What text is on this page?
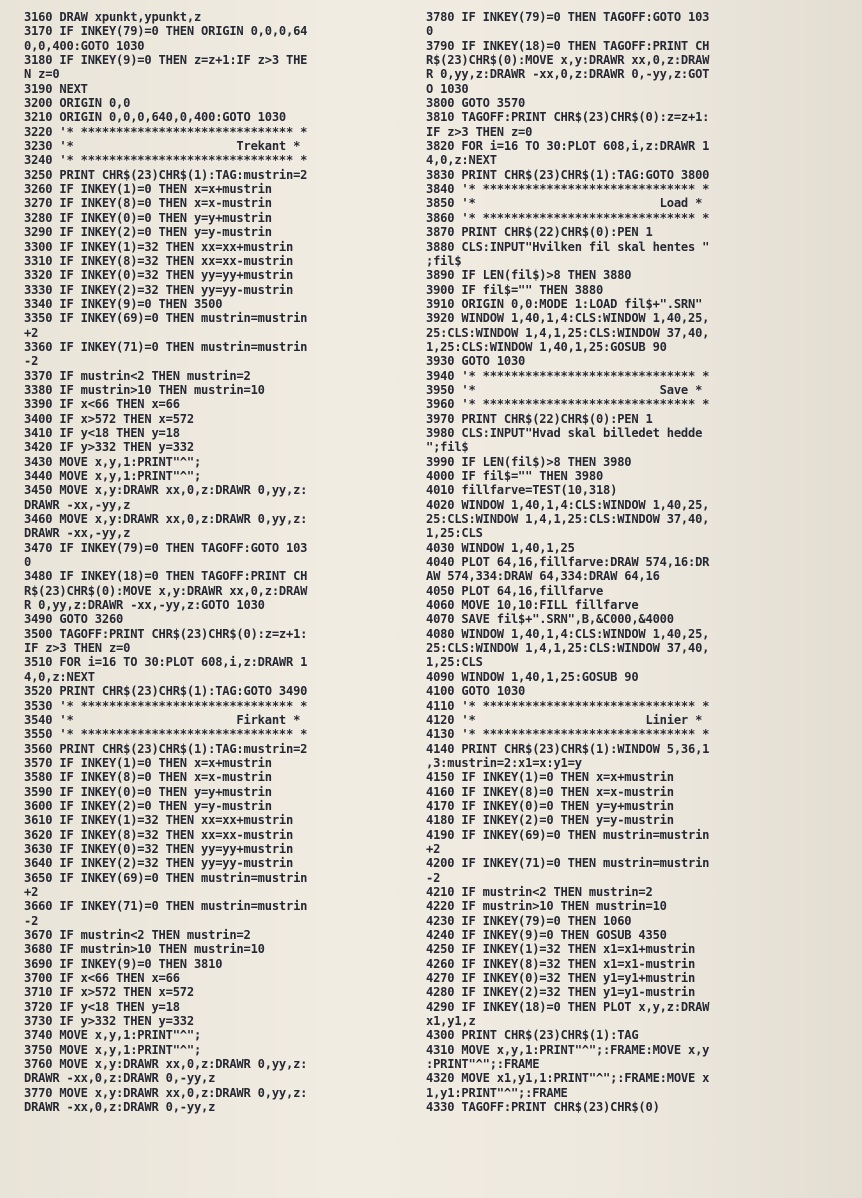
3160 DRAW xpunkt,ypunkt,z
3170 IF INKEY(79)=0 THEN ORIGIN 0,0,0,64
0,0,400:GOTO 1030
3180 IF INKEY(9)=0 THEN z=z+1:IF z>3 THE
N z=0
3190 NEXT
3200 ORIGIN 0,0
3210 ORIGIN 0,0,0,640,0,400:GOTO 1030
3220 '* ****************************** *
3230 '*                       Trekant *
3240 '* ****************************** *
3250 PRINT CHR$(23)CHR$(1):TAG:mustrin=2
3260 IF INKEY(1)=0 THEN x=x+mustrin
3270 IF INKEY(8)=0 THEN x=x-mustrin
3280 IF INKEY(0)=0 THEN y=y+mustrin
3290 IF INKEY(2)=0 THEN y=y-mustrin
3300 IF INKEY(1)=32 THEN xx=xx+mustrin
3310 IF INKEY(8)=32 THEN xx=xx-mustrin
3320 IF INKEY(0)=32 THEN yy=yy+mustrin
3330 IF INKEY(2)=32 THEN yy=yy-mustrin
3340 IF INKEY(9)=0 THEN 3500
3350 IF INKEY(69)=0 THEN mustrin=mustrin
+2
3360 IF INKEY(71)=0 THEN mustrin=mustrin
-2
3370 IF mustrin<2 THEN mustrin=2
3380 IF mustrin>10 THEN mustrin=10
3390 IF x<66 THEN x=66
3400 IF x>572 THEN x=572
3410 IF y<18 THEN y=18
3420 IF y>332 THEN y=332
3430 MOVE x,y,1:PRINT"^";
3440 MOVE x,y,1:PRINT"^";
3450 MOVE x,y:DRAWR xx,0,z:DRAWR 0,yy,z:
DRAWR -xx,-yy,z
3460 MOVE x,y:DRAWR xx,0,z:DRAWR 0,yy,z:
DRAWR -xx,-yy,z
3470 IF INKEY(79)=0 THEN TAGOFF:GOTO 103
0
3480 IF INKEY(18)=0 THEN TAGOFF:PRINT CH
R$(23)CHR$(0):MOVE x,y:DRAWR xx,0,z:DRAW
R 0,yy,z:DRAWR -xx,-yy,z:GOTO 1030
3490 GOTO 3260
3500 TAGOFF:PRINT CHR$(23)CHR$(0):z=z+1:
IF z>3 THEN z=0
3510 FOR i=16 TO 30:PLOT 608,i,z:DRAWR 1
4,0,z:NEXT
3520 PRINT CHR$(23)CHR$(1):TAG:GOTO 3490
3530 '* ****************************** *
3540 '*                       Firkant *
3550 '* ****************************** *
3560 PRINT CHR$(23)CHR$(1):TAG:mustrin=2
3570 IF INKEY(1)=0 THEN x=x+mustrin
3580 IF INKEY(8)=0 THEN x=x-mustrin
3590 IF INKEY(0)=0 THEN y=y+mustrin
3600 IF INKEY(2)=0 THEN y=y-mustrin
3610 IF INKEY(1)=32 THEN xx=xx+mustrin
3620 IF INKEY(8)=32 THEN xx=xx-mustrin
3630 IF INKEY(0)=32 THEN yy=yy+mustrin
3640 IF INKEY(2)=32 THEN yy=yy-mustrin
3650 IF INKEY(69)=0 THEN mustrin=mustrin
+2
3660 IF INKEY(71)=0 THEN mustrin=mustrin
-2
3670 IF mustrin<2 THEN mustrin=2
3680 IF mustrin>10 THEN mustrin=10
3690 IF INKEY(9)=0 THEN 3810
3700 IF x<66 THEN x=66
3710 IF x>572 THEN x=572
3720 IF y<18 THEN y=18
3730 IF y>332 THEN y=332
3740 MOVE x,y,1:PRINT"^";
3750 MOVE x,y,1:PRINT"^";
3760 MOVE x,y:DRAWR xx,0,z:DRAWR 0,yy,z:
DRAWR -xx,0,z:DRAWR 0,-yy,z
3770 MOVE x,y:DRAWR xx,0,z:DRAWR 0,yy,z:
DRAWR -xx,0,z:DRAWR 0,-yy,z
3780 IF INKEY(79)=0 THEN TAGOFF:GOTO 103
0
3790 IF INKEY(18)=0 THEN TAGOFF:PRINT CH
R$(23)CHR$(0):MOVE x,y:DRAWR xx,0,z:DRAW
R 0,yy,z:DRAWR -xx,0,z:DRAWR 0,-yy,z:GOT
O 1030
3800 GOTO 3570
3810 TAGOFF:PRINT CHR$(23)CHR$(0):z=z+1:
IF z>3 THEN z=0
3820 FOR i=16 TO 30:PLOT 608,i,z:DRAWR 1
4,0,z:NEXT
3830 PRINT CHR$(23)CHR$(1):TAG:GOTO 3800
3840 '* ****************************** *
3850 '*                          Load *
3860 '* ****************************** *
3870 PRINT CHR$(22)CHR$(0):PEN 1
3880 CLS:INPUT"Hvilken fil skal hentes "
;fil$
3890 IF LEN(fil$)>8 THEN 3880
3900 IF fil$="" THEN 3880
3910 ORIGIN 0,0:MODE 1:LOAD fil$+".SRN"
3920 WINDOW 1,40,1,4:CLS:WINDOW 1,40,25,
25:CLS:WINDOW 1,4,1,25:CLS:WINDOW 37,40,
1,25:CLS:WINDOW 1,40,1,25:GOSUB 90
3930 GOTO 1030
3940 '* ****************************** *
3950 '*                          Save *
3960 '* ****************************** *
3970 PRINT CHR$(22)CHR$(0):PEN 1
3980 CLS:INPUT"Hvad skal billedet hedde
";fil$
3990 IF LEN(fil$)>8 THEN 3980
4000 IF fil$="" THEN 3980
4010 fillfarve=TEST(10,318)
4020 WINDOW 1,40,1,4:CLS:WINDOW 1,40,25,
25:CLS:WINDOW 1,4,1,25:CLS:WINDOW 37,40,
1,25:CLS
4030 WINDOW 1,40,1,25
4040 PLOT 64,16,fillfarve:DRAW 574,16:DR
AW 574,334:DRAW 64,334:DRAW 64,16
4050 PLOT 64,16,fillfarve
4060 MOVE 10,10:FILL fillfarve
4070 SAVE fil$+".SRN",B,&C000,&4000
4080 WINDOW 1,40,1,4:CLS:WINDOW 1,40,25,
25:CLS:WINDOW 1,4,1,25:CLS:WINDOW 37,40,
1,25:CLS
4090 WINDOW 1,40,1,25:GOSUB 90
4100 GOTO 1030
4110 '* ****************************** *
4120 '*                        Linier *
4130 '* ****************************** *
4140 PRINT CHR$(23)CHR$(1):WINDOW 5,36,1
,3:mustrin=2:x1=x:y1=y
4150 IF INKEY(1)=0 THEN x=x+mustrin
4160 IF INKEY(8)=0 THEN x=x-mustrin
4170 IF INKEY(0)=0 THEN y=y+mustrin
4180 IF INKEY(2)=0 THEN y=y-mustrin
4190 IF INKEY(69)=0 THEN mustrin=mustrin
+2
4200 IF INKEY(71)=0 THEN mustrin=mustrin
-2
4210 IF mustrin<2 THEN mustrin=2
4220 IF mustrin>10 THEN mustrin=10
4230 IF INKEY(79)=0 THEN 1060
4240 IF INKEY(9)=0 THEN GOSUB 4350
4250 IF INKEY(1)=32 THEN x1=x1+mustrin
4260 IF INKEY(8)=32 THEN x1=x1-mustrin
4270 IF INKEY(0)=32 THEN y1=y1+mustrin
4280 IF INKEY(2)=32 THEN y1=y1-mustrin
4290 IF INKEY(18)=0 THEN PLOT x,y,z:DRAW
x1,y1,z
4300 PRINT CHR$(23)CHR$(1):TAG
4310 MOVE x,y,1:PRINT"^";:FRAME:MOVE x,y
:PRINT"^";:FRAME
4320 MOVE x1,y1,1:PRINT"^";:FRAME:MOVE x
1,y1:PRINT"^";:FRAME
4330 TAGOFF:PRINT CHR$(23)CHR$(0)
